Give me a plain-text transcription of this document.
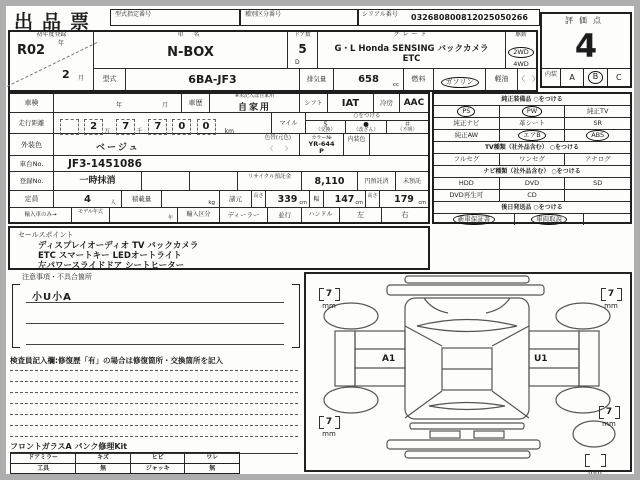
出品票	型式指定番号	種別区分番号	シリアル番号 032680800812025050266	評価点
4
内装	A	B	C
初年度登録
R02 年
2 月
車 名
N-BOX
ドア数
5
D
グレード
G・L Honda SENSING バックカメラ
ETC
駆動
2WD
4WD
型式	6BA-JF3	排気量	658	cc
燃料	ガソリン	軽油	〈　〉
車検	年	月	車歴
※未記入は自家用
自家用	シフト	IAT	冷房	AAC
走行距離	2 万 7 千 7 0 0	km
マイル
○をつける
＄
（交換）
●
（改ざん）
＃
（不明）
外装色	ベージュ
色替(元色)
〈　　〉
カラー№
YR-644P
内装色
車台No.	JF3-1451086
登録No.	一時抹消	リサイクル預託金	8,110	円預託済	未預託
定員	4	人	積載量	kg	諸元	長さ	339 cm	幅	147 cm
高さ	179 cm
輸入車のみ→	モデル年式
年	輸入区分	ディーラー	並行	ハンドル	左	右
純正装備品 ○をつける
PS	PW	純正TV
純正ナビ	革シート	SR
純正AW	エアB	ABS
TV種類（社外品含む） ○をつける
フルセグ	ワンセグ	アナログ
ナビ種類（社外品含む） ○をつける
HDD	DVD	SD
DVD再生可	CD
後日発送品 ○をつける
新車保証書	車両取説
セールスポイント
ディスプレイオーディオ TV バックカメラ
ETC スマートキー LEDオートライト
左パワースライドドア シートヒーター
注意事項・不具合箇所
小U小A
検査員記入欄:修復歴「有」の場合は修復箇所・交換箇所を記入
フロントガラスA パンク修理Kit
ドアミラー	キズ	ヒビ	ワレ
工具	無	ジャッキ	無
7
mm
7
mm
7
mm
7
mm
mm
A1	U1
